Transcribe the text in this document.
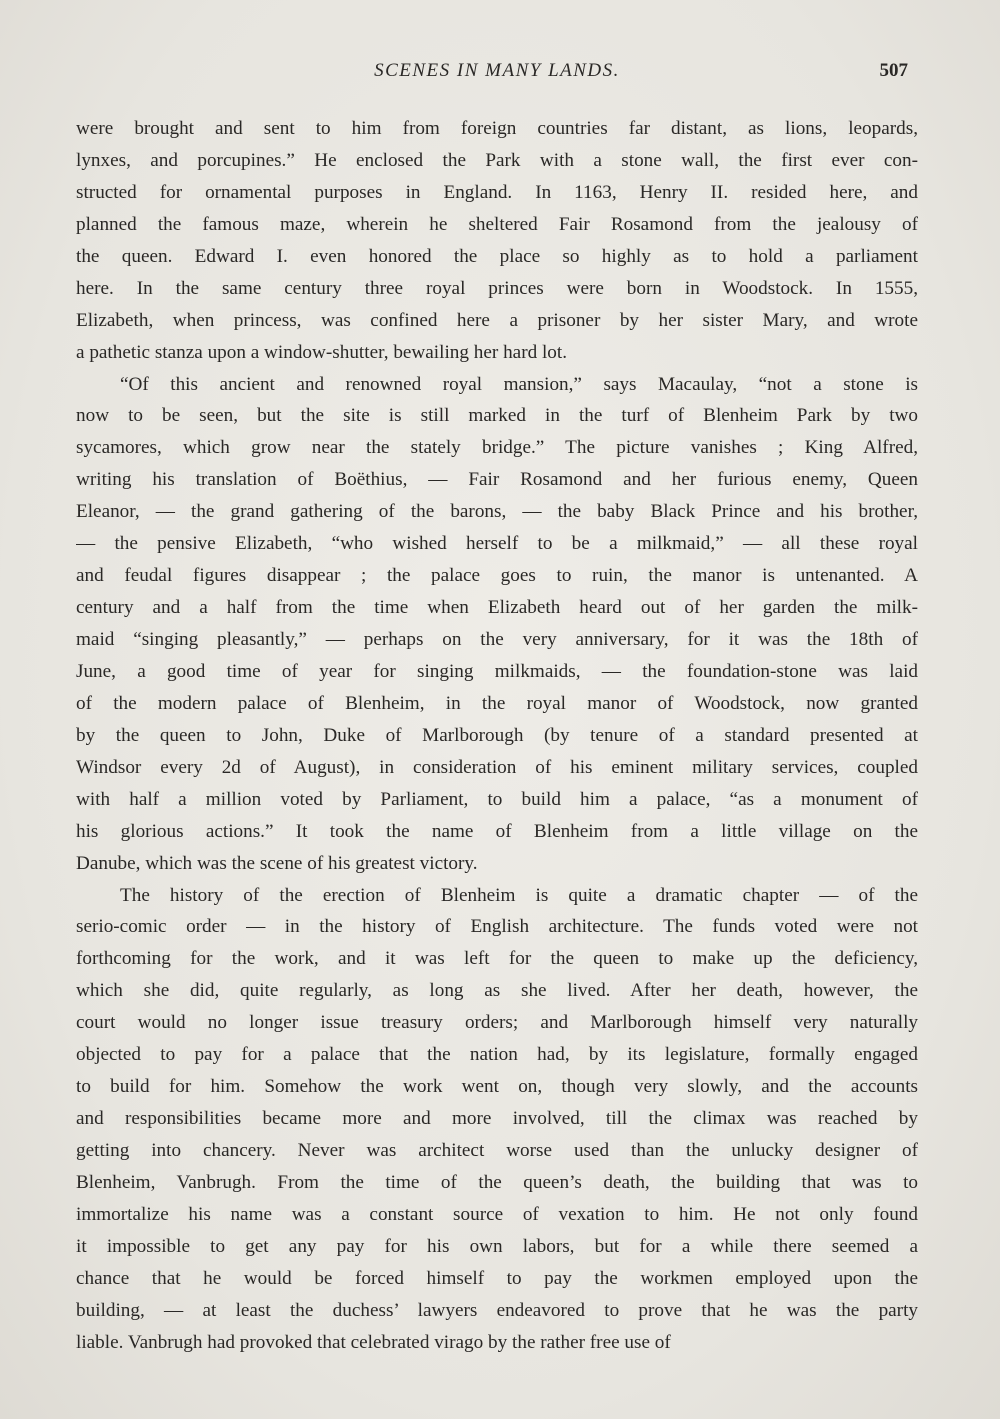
SCENES IN MANY LANDS.	507
were brought and sent to him from foreign countries far distant, as lions, leopards,
lynxes, and porcupines.” He enclosed the Park with a stone wall, the first ever con-
structed for ornamental purposes in England. In 1163, Henry II. resided here, and
planned the famous maze, wherein he sheltered Fair Rosamond from the jealousy of
the queen. Edward I. even honored the place so highly as to hold a parliament
here. In the same century three royal princes were born in Woodstock. In 1555,
Elizabeth, when princess, was confined here a prisoner by her sister Mary, and wrote
a pathetic stanza upon a window-shutter, bewailing her hard lot.
“Of this ancient and renowned royal mansion,” says Macaulay, “not a stone is
now to be seen, but the site is still marked in the turf of Blenheim Park by two
sycamores, which grow near the stately bridge.” The picture vanishes ; King Alfred,
writing his translation of Boëthius, — Fair Rosamond and her furious enemy, Queen
Eleanor, — the grand gathering of the barons, — the baby Black Prince and his brother,
— the pensive Elizabeth, “who wished herself to be a milkmaid,” — all these royal
and feudal figures disappear ; the palace goes to ruin, the manor is untenanted. A
century and a half from the time when Elizabeth heard out of her garden the milk-
maid “singing pleasantly,” — perhaps on the very anniversary, for it was the 18th of
June, a good time of year for singing milkmaids, — the foundation-stone was laid
of the modern palace of Blenheim, in the royal manor of Woodstock, now granted
by the queen to John, Duke of Marlborough (by tenure of a standard presented at
Windsor every 2d of August), in consideration of his eminent military services, coupled
with half a million voted by Parliament, to build him a palace, “as a monument of
his glorious actions.” It took the name of Blenheim from a little village on the
Danube, which was the scene of his greatest victory.
The history of the erection of Blenheim is quite a dramatic chapter — of the
serio-comic order — in the history of English architecture. The funds voted were not
forthcoming for the work, and it was left for the queen to make up the deficiency,
which she did, quite regularly, as long as she lived. After her death, however, the
court would no longer issue treasury orders; and Marlborough himself very naturally
objected to pay for a palace that the nation had, by its legislature, formally engaged
to build for him. Somehow the work went on, though very slowly, and the accounts
and responsibilities became more and more involved, till the climax was reached by
getting into chancery. Never was architect worse used than the unlucky designer of
Blenheim, Vanbrugh. From the time of the queen’s death, the building that was to
immortalize his name was a constant source of vexation to him. He not only found
it impossible to get any pay for his own labors, but for a while there seemed a
chance that he would be forced himself to pay the workmen employed upon the
building, — at least the duchess’ lawyers endeavored to prove that he was the party
liable. Vanbrugh had provoked that celebrated virago by the rather free use of
